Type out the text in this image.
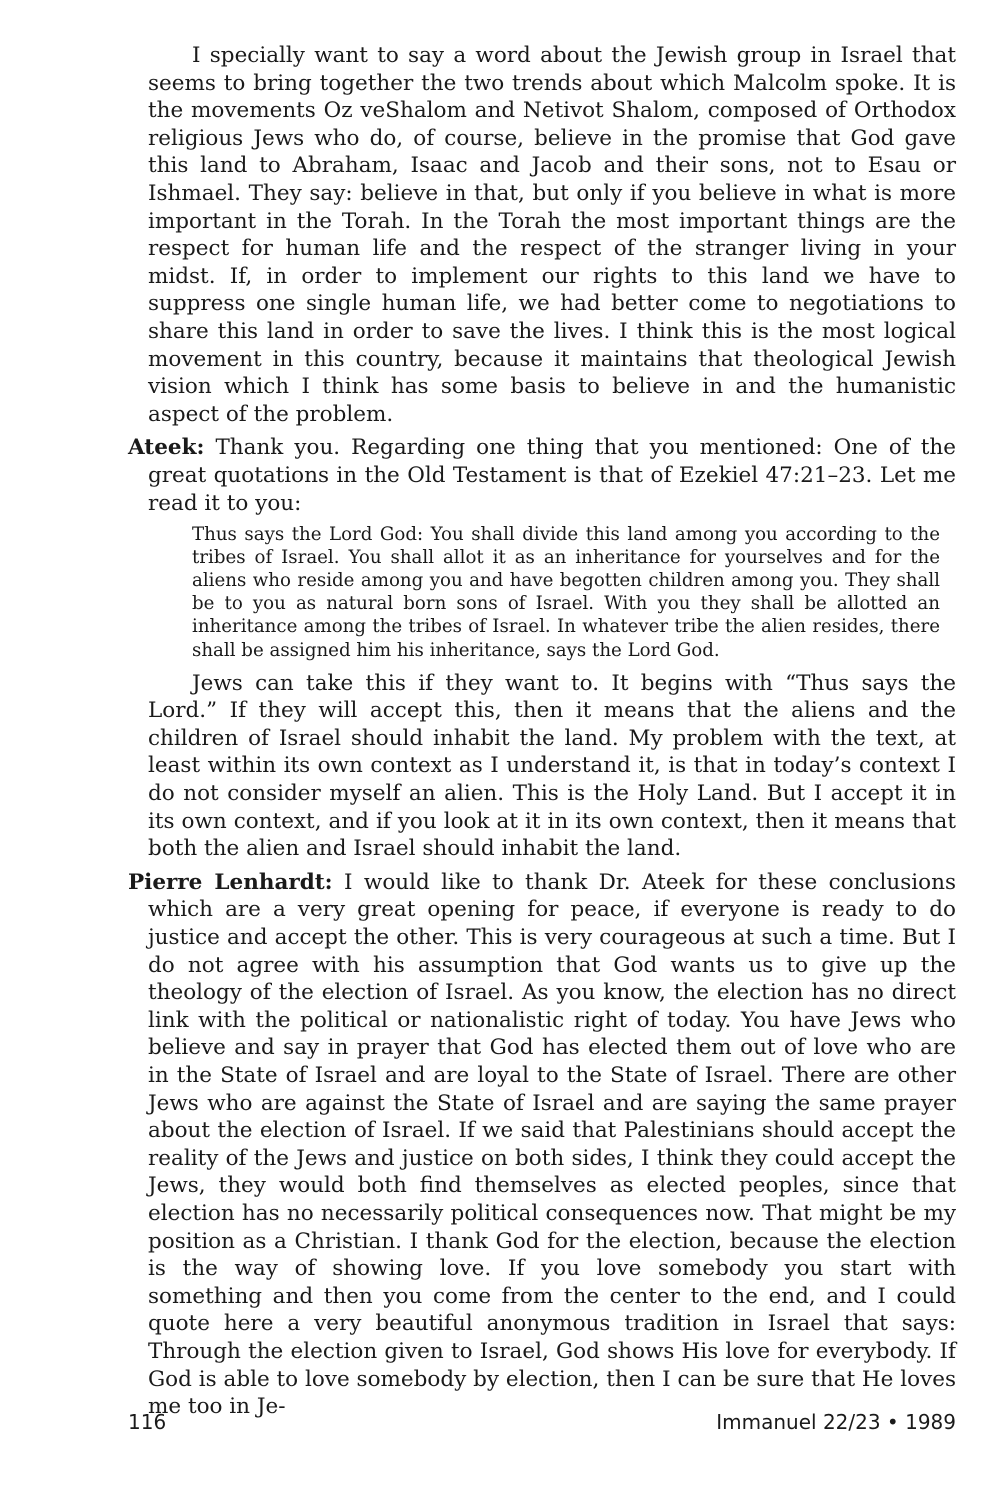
I specially want to say a word about the Jewish group in Israel that seems to bring together the two trends about which Malcolm spoke. It is the movements Oz veShalom and Netivot Shalom, composed of Orthodox religious Jews who do, of course, believe in the promise that God gave this land to Abraham, Isaac and Jacob and their sons, not to Esau or Ishmael. They say: believe in that, but only if you believe in what is more important in the Torah. In the Torah the most important things are the respect for human life and the respect of the stranger living in your midst. If, in order to implement our rights to this land we have to suppress one single human life, we had better come to negotiations to share this land in order to save the lives. I think this is the most logical movement in this country, because it maintains that theological Jewish vision which I think has some basis to believe in and the humanistic aspect of the problem.

Ateek: Thank you. Regarding one thing that you mentioned: One of the great quotations in the Old Testament is that of Ezekiel 47:21–23. Let me read it to you:

Thus says the Lord God: You shall divide this land among you according to the tribes of Israel. You shall allot it as an inheritance for yourselves and for the aliens who reside among you and have begotten children among you. They shall be to you as natural born sons of Israel. With you they shall be allotted an inheritance among the tribes of Israel. In whatever tribe the alien resides, there shall be assigned him his inheritance, says the Lord God.

Jews can take this if they want to. It begins with “Thus says the Lord.” If they will accept this, then it means that the aliens and the children of Israel should inhabit the land. My problem with the text, at least within its own context as I understand it, is that in today’s context I do not consider myself an alien. This is the Holy Land. But I accept it in its own context, and if you look at it in its own context, then it means that both the alien and Israel should inhabit the land.

Pierre Lenhardt: I would like to thank Dr. Ateek for these conclusions which are a very great opening for peace, if everyone is ready to do justice and accept the other. This is very courageous at such a time. But I do not agree with his assumption that God wants us to give up the theology of the election of Israel. As you know, the election has no direct link with the political or nationalistic right of today. You have Jews who believe and say in prayer that God has elected them out of love who are in the State of Israel and are loyal to the State of Israel. There are other Jews who are against the State of Israel and are saying the same prayer about the election of Israel. If we said that Palestinians should accept the reality of the Jews and justice on both sides, I think they could accept the Jews, they would both find themselves as elected peoples, since that election has no necessarily political consequences now. That might be my position as a Christian. I thank God for the election, because the election is the way of showing love. If you love somebody you start with something and then you come from the center to the end, and I could quote here a very beautiful anonymous tradition in Israel that says: Through the election given to Israel, God shows His love for everybody. If God is able to love somebody by election, then I can be sure that He loves me too in Je-

116	Immanuel 22/23 • 1989
